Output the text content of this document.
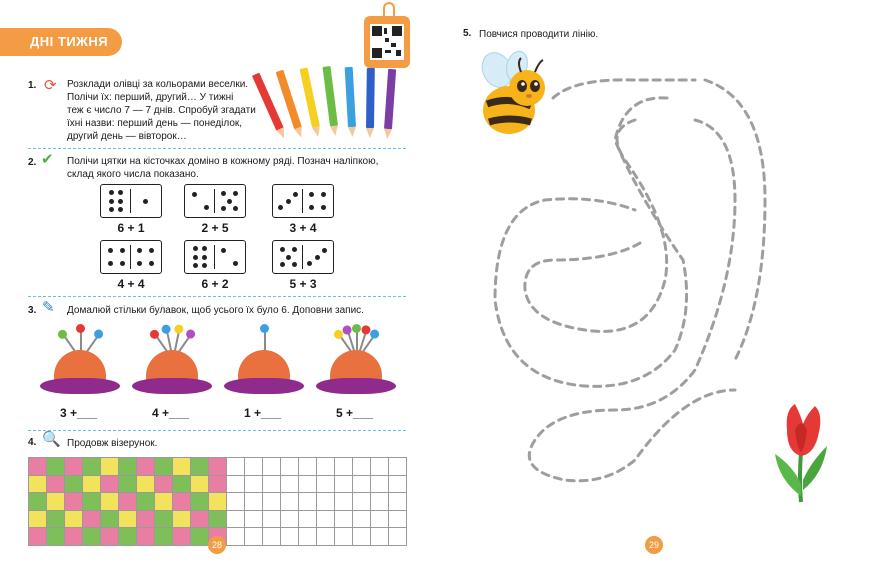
ДНІ ТИЖНЯ
1. ⟳ Розклади олівці за кольорами веселки.
Полічи їх: перший, другий… У тижні
теж є число 7 — 7 днів. Спробуй згадати
їхні назви: перший день — понеділок,
другий день — вівторок…
2. ✔ Полічи цятки на кісточках доміно в кожному ряді. Познач наліпкою,
склад якого числа показано.
6 + 1	2 + 5	3 + 4
4 + 4	6 + 2	5 + 3
3. ✎ Домалюй стільки булавок, щоб усього їх було 6. Доповни запис.
3 +___	4 +___	1 +___	5 +___
4. 🔍 Продовж візерунок.

28
5. Повчися проводити лінію.
29
